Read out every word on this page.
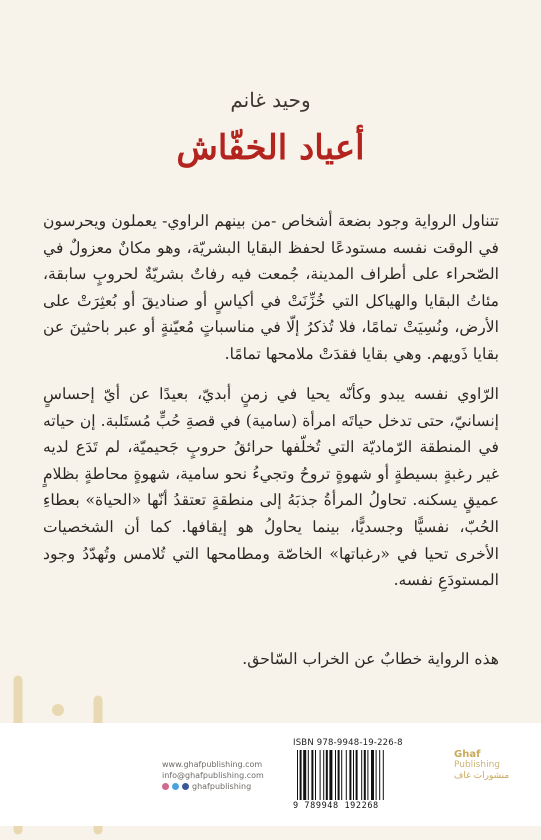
وحيد غانم
أعياد الخفّاش

تتناول الرواية وجود بضعة أشخاص -من بينهم الراوي- يعملون ويحرسون في الوقت نفسه مستودعًا لحفظ البقايا البشريّة، وهو مكانٌ معزولٌ في الصّحراء على أطراف المدينة، جُمعت فيه رفاتٌ بشريّةٌ لحروبٍ سابقة، مئاتُ البقايا والهياكل التي خُزِّنَتْ في أكياسٍ أو صناديقَ أو بُعثِرَتْ على الأرض، ونُسِيَتْ تمامًا، فلا تُذكرُ إلّا في مناسباتٍ مُعيّنةٍ أو عبر باحثينَ عن بقايا ذَويهم. وهي بقايا فقدَتْ ملامحها تمامًا.

الرّاوي نفسه يبدو وكأنّه يحيا في زمنٍ أبديّ، بعيدًا عن أيّ إحساسٍ إنسانيّ، حتى تدخل حياتَه امرأة (سامية) في قصةِ حُبٍّ مُستَلبة. إن حياته في المنطقة الرّماديّة التي تُخلّفها حرائقُ حروبٍ جَحيميّة، لم تَدَع لديه غير رغبةٍ بسيطةٍ أو شهوةٍ تروحُ وتجيءُ نحو سامية، شهوةٍ محاطةٍ بظلامٍ عميقٍ يسكنه. تحاولُ المرأةُ جذبَهُ إلى منطقةٍ تعتقدُ أنّها «الحياة» بعطاءِ الحُبّ، نفسيًّا وجسديًّا، بينما يحاولُ هو إيقافها. كما أن الشخصيات الأخرى تحيا في «رغباتها» الخاصّة ومطامحها التي تُلامس وتُهدّدُ وجود المستودَعِ نفسه.

هذه الرواية خطابٌ عن الخراب السّاحق.

www.ghafpublishing.com
info@ghafpublishing.com
ghafpublishing
ISBN 978-9948-19-226-8
9 789948 192268
Ghaf
Publishing
منشورات غاف
